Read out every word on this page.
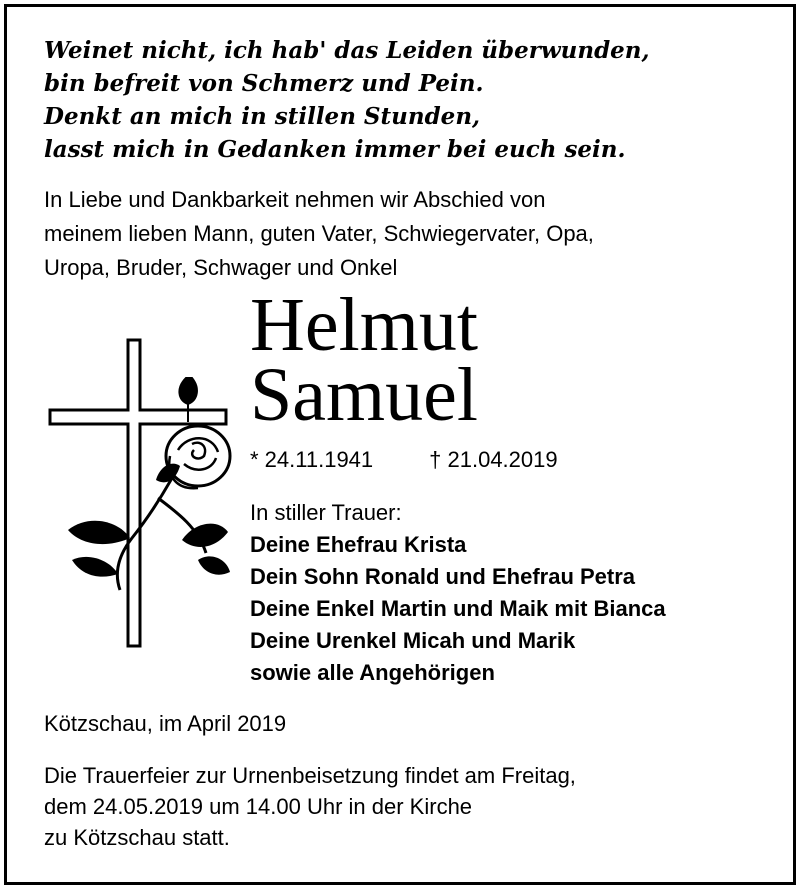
Weinet nicht, ich hab' das Leiden überwunden,
bin befreit von Schmerz und Pein.
Denkt an mich in stillen Stunden,
lasst mich in Gedanken immer bei euch sein.
In Liebe und Dankbarkeit nehmen wir Abschied von
meinem lieben Mann, guten Vater, Schwiegervater, Opa,
Uropa, Bruder, Schwager und Onkel
Helmut
Samuel
* 24.11.1941	† 21.04.2019
In stiller Trauer:
Deine Ehefrau Krista
Dein Sohn Ronald und Ehefrau Petra
Deine Enkel Martin und Maik mit Bianca
Deine Urenkel Micah und Marik
sowie alle Angehörigen
Kötzschau, im April 2019
Die Trauerfeier zur Urnenbeisetzung findet am Freitag,
dem 24.05.2019 um 14.00 Uhr in der Kirche
zu Kötzschau statt.
